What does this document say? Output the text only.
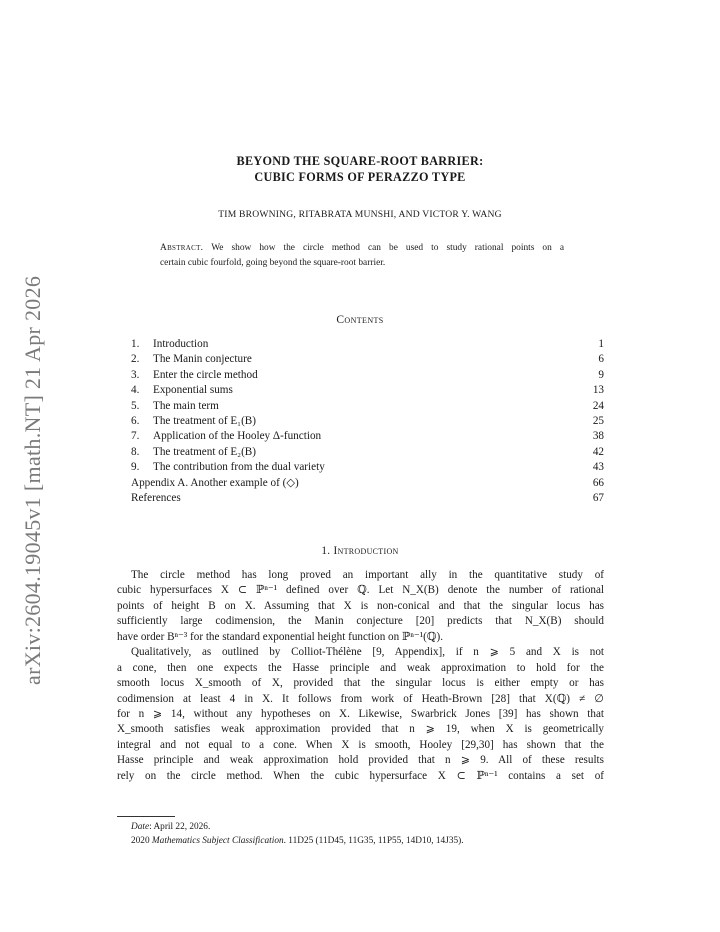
arXiv:2604.19045v1 [math.NT] 21 Apr 2026
BEYOND THE SQUARE-ROOT BARRIER:
CUBIC FORMS OF PERAZZO TYPE
TIM BROWNING, RITABRATA MUNSHI, AND VICTOR Y. WANG
Abstract. We show how the circle method can be used to study rational points on a
certain cubic fourfold, going beyond the square-root barrier.
Contents
1. Introduction	1
2. The Manin conjecture	6
3. Enter the circle method	9
4. Exponential sums	13
5. The main term	24
6. The treatment of E₁(B)	25
7. Application of the Hooley Δ-function	38
8. The treatment of E₂(B)	42
9. The contribution from the dual variety	43
Appendix A. Another example of (◇)	66
References	67
1. Introduction
The circle method has long proved an important ally in the quantitative study of
cubic hypersurfaces X ⊂ ℙⁿ⁻¹ defined over ℚ. Let N_X(B) denote the number of rational
points of height B on X. Assuming that X is non-conical and that the singular locus has
sufficiently large codimension, the Manin conjecture [20] predicts that N_X(B) should
have order Bⁿ⁻³ for the standard exponential height function on ℙⁿ⁻¹(ℚ).
Qualitatively, as outlined by Colliot-Thélène [9, Appendix], if n ⩾ 5 and X is not
a cone, then one expects the Hasse principle and weak approximation to hold for the
smooth locus X_smooth of X, provided that the singular locus is either empty or has
codimension at least 4 in X. It follows from work of Heath-Brown [28] that X(ℚ) ≠ ∅
for n ⩾ 14, without any hypotheses on X. Likewise, Swarbrick Jones [39] has shown that
X_smooth satisfies weak approximation provided that n ⩾ 19, when X is geometrically
integral and not equal to a cone. When X is smooth, Hooley [29,30] has shown that the
Hasse principle and weak approximation hold provided that n ⩾ 9. All of these results
rely on the circle method. When the cubic hypersurface X ⊂ ℙⁿ⁻¹ contains a set of
Date: April 22, 2026.
2020 Mathematics Subject Classification. 11D25 (11D45, 11G35, 11P55, 14D10, 14J35).
